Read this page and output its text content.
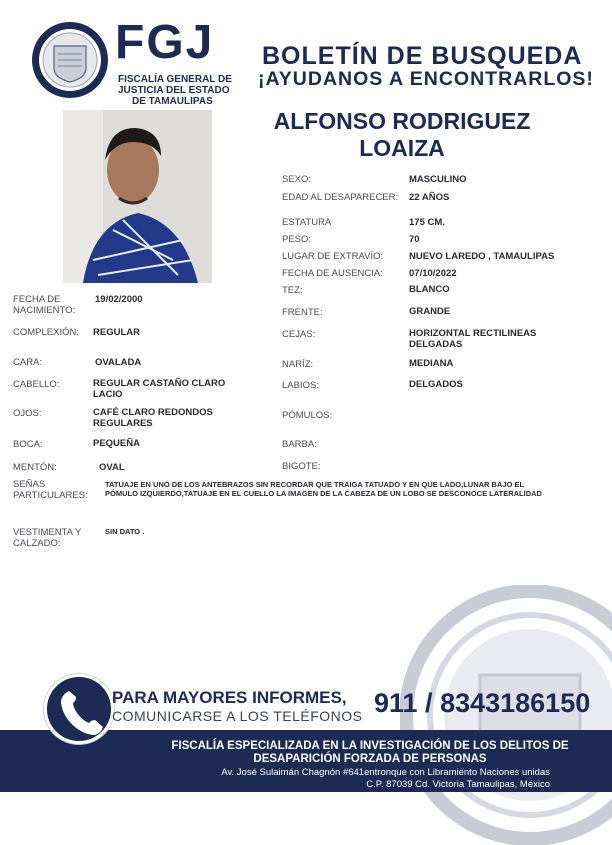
FGJ
FISCALÍA GENERAL DE
JUSTICIA DEL ESTADO
DE TAMAULIPAS
BOLETÍN DE BUSQUEDA
¡AYUDANOS A ENCONTRARLOS!
ALFONSO RODRIGUEZ
LOAIZA
SEXO:	MASCULINO
EDAD AL DESAPARECER: 22 AÑOS
ESTATURA	175 CM.
PESO:	70
LUGAR DE EXTRAVÍO:	NUEVO LAREDO , TAMAULIPAS
FECHA DE AUSENCIA:	07/10/2022
TEZ:	BLANCO
FRENTE:	GRANDE
CEJAS:	HORIZONTAL RECTILINEAS
DELGADAS
NARÍZ:	MEDIANA
LABIOS:	DELGADOS
PÓMULOS:
BARBA:
BIGOTE:
FECHA DE
NACIMIENTO:
19/02/2000
COMPLEXIÓN: REGULAR
CARA:	OVALADA
CABELLO:	REGULAR CASTAÑO CLARO
LACIO
OJOS:	CAFÉ CLARO REDONDOS
REGULARES
BOCA:	PEQUEÑA
MENTÓN:	OVAL
SEÑAS
PARTICULARES:
TATUAJE EN UNO DE LOS ANTEBRAZOS SIN RECORDAR QUE TRAIGA TATUADO Y EN QUE LADO,LUNAR BAJO EL
PÓMULO IZQUIERDO,TATUAJE EN EL CUELLO LA IMAGEN DE LA CABEZA DE UN LOBO SE DESCONOCE LATERALIDAD
VESTIMENTA Y
CALZADO:
SIN DATO .
PARA MAYORES INFORMES,
COMUNICARSE A LOS TELÉFONOS 911 / 8343186150
FISCALÍA ESPECIALIZADA EN LA INVESTIGACIÓN DE LOS DELITOS DE
DESAPARICIÓN FORZADA DE PERSONAS
Av. José Sulaimán Chagnón #641entronque con Libramiento Naciones unidas
C.P. 87039 Cd. Victoria Tamaulipas, México
